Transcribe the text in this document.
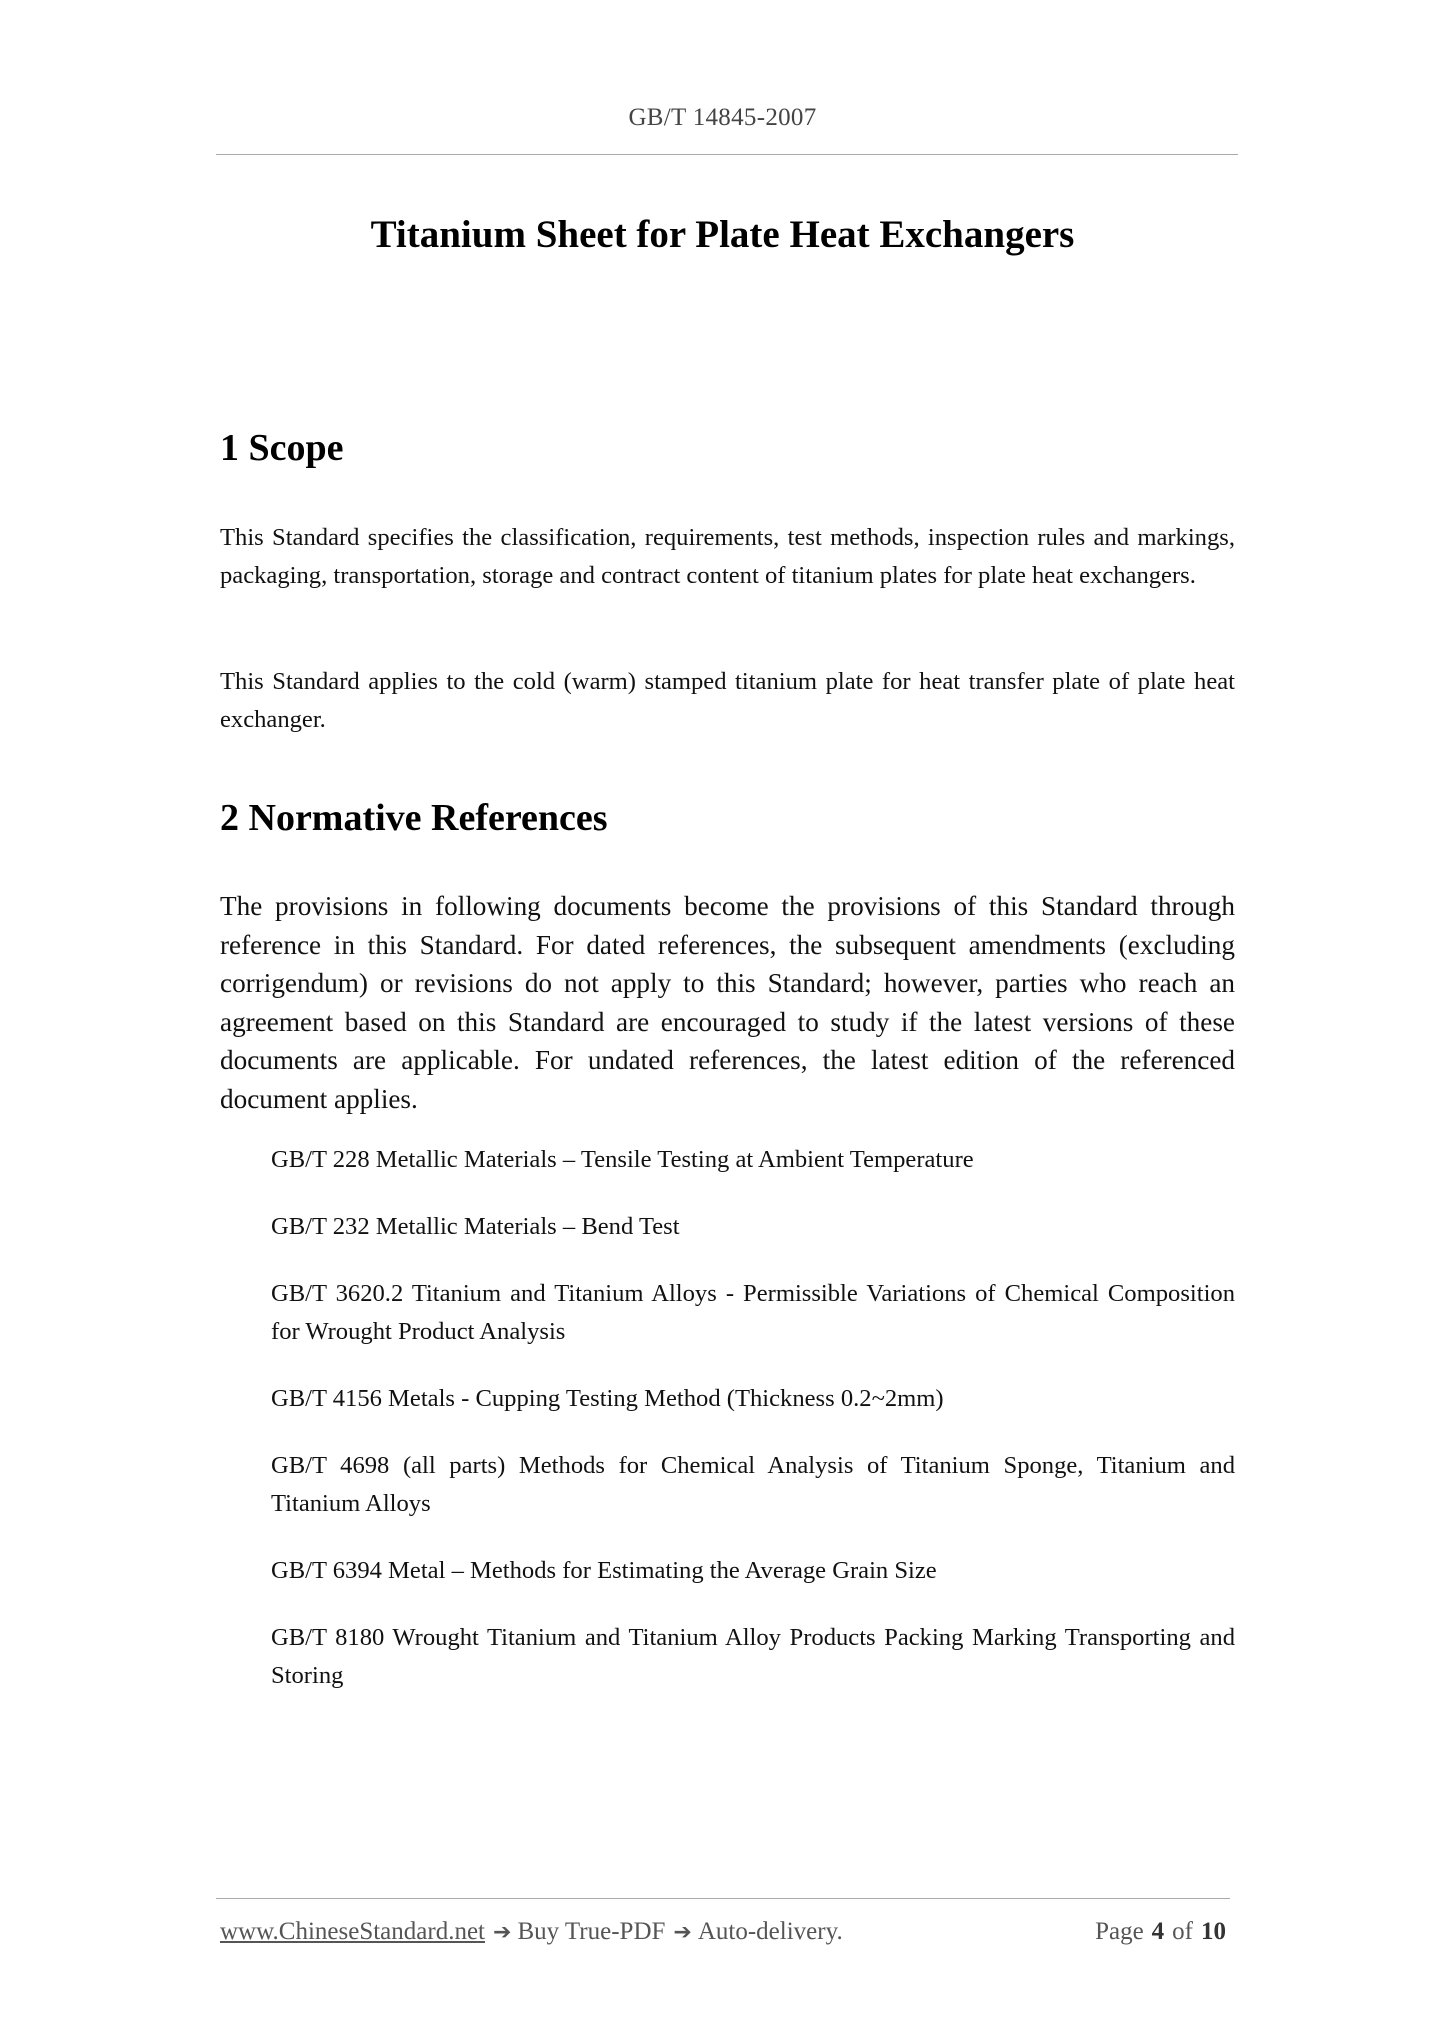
GB/T 14845-2007
Titanium Sheet for Plate Heat Exchangers
1 Scope

This Standard specifies the classification, requirements, test methods, inspection rules and markings, packaging, transportation, storage and contract content of titanium plates for plate heat exchangers.

This Standard applies to the cold (warm) stamped titanium plate for heat transfer plate of plate heat exchanger.

2 Normative References

The provisions in following documents become the provisions of this Standard through reference in this Standard. For dated references, the subsequent amendments (excluding corrigendum) or revisions do not apply to this Standard; however, parties who reach an agreement based on this Standard are encouraged to study if the latest versions of these documents are applicable. For undated references, the latest edition of the referenced document applies.

GB/T 228 Metallic Materials – Tensile Testing at Ambient Temperature

GB/T 232 Metallic Materials – Bend Test

GB/T 3620.2 Titanium and Titanium Alloys - Permissible Variations of Chemical Composition for Wrought Product Analysis

GB/T 4156 Metals - Cupping Testing Method (Thickness 0.2~2mm)

GB/T 4698 (all parts) Methods for Chemical Analysis of Titanium Sponge, Titanium and Titanium Alloys

GB/T 6394 Metal – Methods for Estimating the Average Grain Size

GB/T 8180 Wrought Titanium and Titanium Alloy Products Packing Marking Transporting and Storing

www.ChineseStandard.net ➔ Buy True-PDF ➔ Auto-delivery.	Page 4 of 10
